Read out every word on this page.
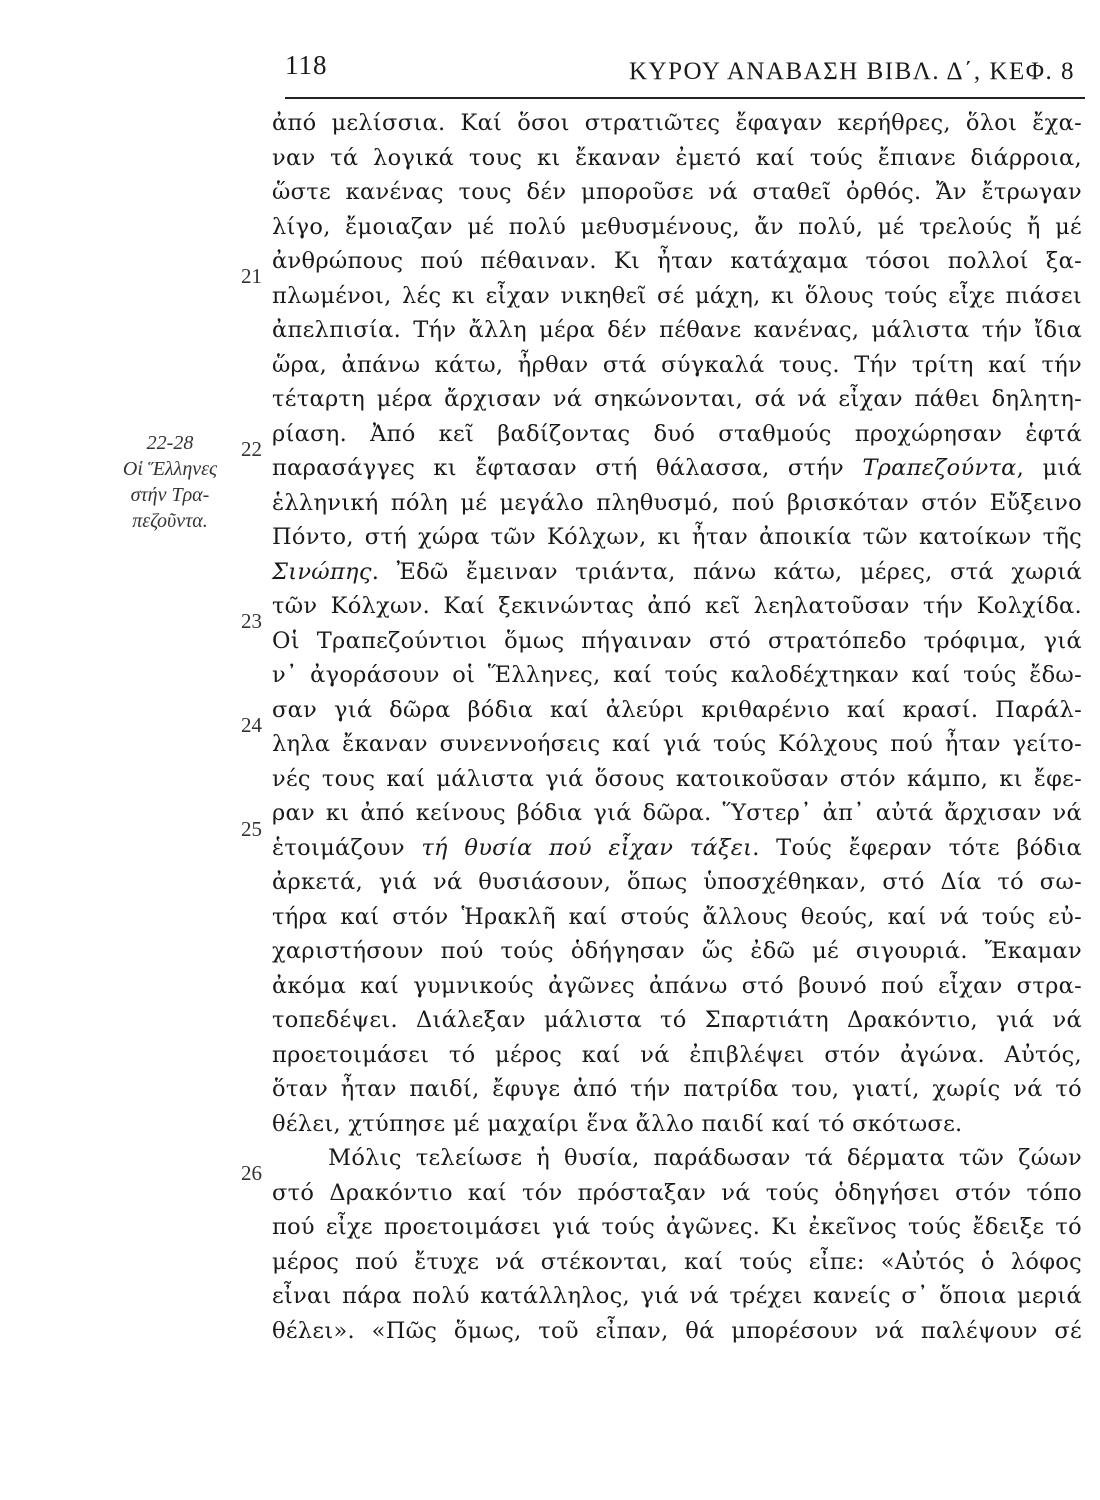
118	ΚΥΡΟΥ ΑΝΑΒΑΣΗ ΒΙΒΛ. Δ΄, ΚΕΦ. 8
22-28
Οἱ Ἕλληνες
στήν Τρα-
πεζοῦντα.
21
22
23
24
25
26
ἀπό μελίσσια. Καί ὅσοι στρατιῶτες ἔφαγαν κερήθρες, ὅλοι ἔχα-
ναν τά λογικά τους κι ἔκαναν ἐμετό καί τούς ἔπιανε διάρροια,
ὥστε κανένας τους δέν μποροῦσε νά σταθεῖ ὀρθός. Ἄν ἔτρωγαν
λίγο, ἔμοιαζαν μέ πολύ μεθυσμένους, ἄν πολύ, μέ τρελούς ἤ μέ
ἀνθρώπους πού πέθαιναν. Κι ἦταν κατάχαμα τόσοι πολλοί ξα-
πλωμένοι, λές κι εἶχαν νικηθεῖ σέ μάχη, κι ὅλους τούς εἶχε πιάσει
ἀπελπισία. Τήν ἄλλη μέρα δέν πέθανε κανένας, μάλιστα τήν ἴδια
ὥρα, ἀπάνω κάτω, ἦρθαν στά σύγκαλά τους. Τήν τρίτη καί τήν
τέταρτη μέρα ἄρχισαν νά σηκώνονται, σά νά εἶχαν πάθει δηλητη-
ρίαση. Ἀπό κεῖ βαδίζοντας δυό σταθμούς προχώρησαν ἑφτά
παρασάγγες κι ἔφτασαν στή θάλασσα, στήν Τραπεζούντα, μιά
ἑλληνική πόλη μέ μεγάλο πληθυσμό, πού βρισκόταν στόν Εὔξεινο
Πόντο, στή χώρα τῶν Κόλχων, κι ἦταν ἀποικία τῶν κατοίκων τῆς
Σινώπης. Ἐδῶ ἔμειναν τριάντα, πάνω κάτω, μέρες, στά χωριά
τῶν Κόλχων. Καί ξεκινώντας ἀπό κεῖ λεηλατοῦσαν τήν Κολχίδα.
Οἱ Τραπεζούντιοι ὅμως πήγαιναν στό στρατόπεδο τρόφιμα, γιά
ν᾽ ἀγοράσουν οἱ Ἕλληνες, καί τούς καλοδέχτηκαν καί τούς ἔδω-
σαν γιά δῶρα βόδια καί ἀλεύρι κριθαρένιο καί κρασί. Παράλ-
ληλα ἔκαναν συνεννοήσεις καί γιά τούς Κόλχους πού ἦταν γείτο-
νές τους καί μάλιστα γιά ὅσους κατοικοῦσαν στόν κάμπο, κι ἔφε-
ραν κι ἀπό κείνους βόδια γιά δῶρα. Ὕστερ᾽ ἀπ᾽ αὐτά ἄρχισαν νά
ἑτοιμάζουν τή θυσία πού εἶχαν τάξει. Τούς ἔφεραν τότε βόδια
ἀρκετά, γιά νά θυσιάσουν, ὅπως ὑποσχέθηκαν, στό Δία τό σω-
τήρα καί στόν Ἡρακλῆ καί στούς ἄλλους θεούς, καί νά τούς εὐ-
χαριστήσουν πού τούς ὁδήγησαν ὥς ἐδῶ μέ σιγουριά. Ἔκαμαν
ἀκόμα καί γυμνικούς ἀγῶνες ἀπάνω στό βουνό πού εἶχαν στρα-
τοπεδέψει. Διάλεξαν μάλιστα τό Σπαρτιάτη Δρακόντιο, γιά νά
προετοιμάσει τό μέρος καί νά ἐπιβλέψει στόν ἀγώνα. Αὐτός,
ὅταν ἦταν παιδί, ἔφυγε ἀπό τήν πατρίδα του, γιατί, χωρίς νά τό
θέλει, χτύπησε μέ μαχαίρι ἕνα ἄλλο παιδί καί τό σκότωσε.
Μόλις τελείωσε ἡ θυσία, παράδωσαν τά δέρματα τῶν ζώων
στό Δρακόντιο καί τόν πρόσταξαν νά τούς ὁδηγήσει στόν τόπο
πού εἶχε προετοιμάσει γιά τούς ἀγῶνες. Κι ἐκεῖνος τούς ἔδειξε τό
μέρος πού ἔτυχε νά στέκονται, καί τούς εἶπε: «Αὐτός ὁ λόφος
εἶναι πάρα πολύ κατάλληλος, γιά νά τρέχει κανείς σ᾽ ὅποια μεριά
θέλει». «Πῶς ὅμως, τοῦ εἶπαν, θά μπορέσουν νά παλέψουν σέ
